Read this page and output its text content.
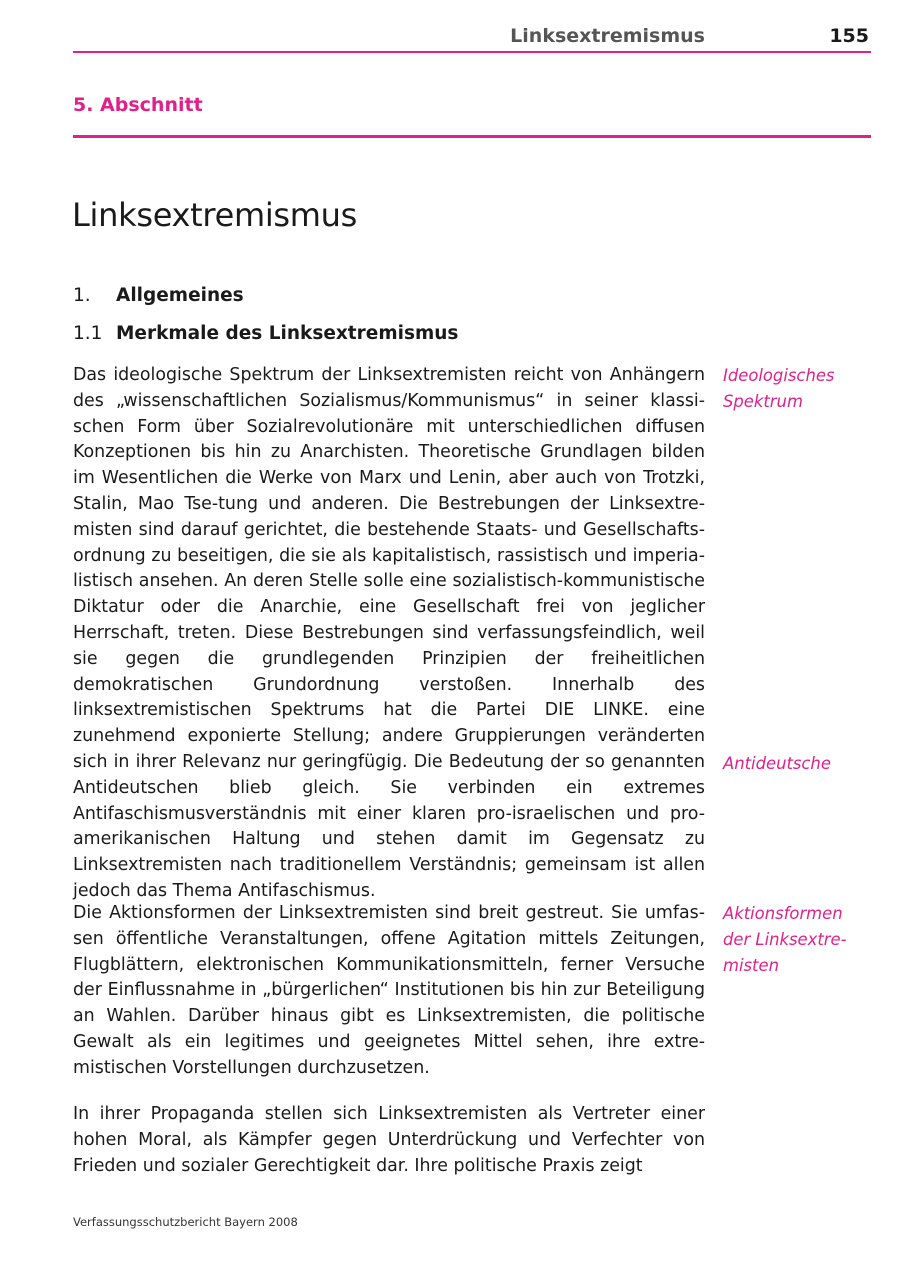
Linksextremismus	155
5. Abschnitt
Linksextremismus
1. Allgemeines
1.1 Merkmale des Linksextremismus

Das ideologische Spektrum der Linksextremisten reicht von Anhängern des „wissenschaftlichen Sozialismus/Kommunismus“ in seiner klassischen Form über Sozialrevolutionäre mit unterschiedlichen diffusen Konzeptionen bis hin zu Anarchisten. Theoretische Grundlagen bilden im Wesentlichen die Werke von Marx und Lenin, aber auch von Trotzki, Stalin, Mao Tse-tung und anderen. Die Bestrebungen der Linksextremisten sind darauf gerichtet, die bestehende Staats- und Gesellschaftsordnung zu beseitigen, die sie als kapitalistisch, rassistisch und imperialistisch ansehen. An deren Stelle solle eine sozialistisch-kommunistische Diktatur oder die Anarchie, eine Gesellschaft frei von jeglicher Herrschaft, treten. Diese Bestrebungen sind verfassungsfeindlich, weil sie gegen die grundlegenden Prinzipien der freiheitlichen demokratischen Grundordnung verstoßen. Innerhalb des linksextremistischen Spektrums hat die Partei DIE LINKE. eine zunehmend exponierte Stellung; andere Gruppierungen veränderten sich in ihrer Relevanz nur geringfügig. Die Bedeutung der so genannten Antideutschen blieb gleich. Sie verbinden ein extremes Antifaschismusverständnis mit einer klaren pro-israelischen und pro-amerikanischen Haltung und stehen damit im Gegensatz zu Linksextremisten nach traditionellem Verständnis; gemeinsam ist allen jedoch das Thema Antifaschismus.

Ideologisches Spektrum

Antideutsche

Die Aktionsformen der Linksextremisten sind breit gestreut. Sie umfassen öffentliche Veranstaltungen, offene Agitation mittels Zeitungen, Flugblättern, elektronischen Kommunikationsmitteln, ferner Versuche der Einflussnahme in „bürgerlichen“ Institutionen bis hin zur Beteiligung an Wahlen. Darüber hinaus gibt es Linksextremisten, die politische Gewalt als ein legitimes und geeignetes Mittel sehen, ihre extremistischen Vorstellungen durchzusetzen.

Aktionsformen der Linksextremisten

In ihrer Propaganda stellen sich Linksextremisten als Vertreter einer hohen Moral, als Kämpfer gegen Unterdrückung und Verfechter von Frieden und sozialer Gerechtigkeit dar. Ihre politische Praxis zeigt

Verfassungsschutzbericht Bayern 2008
